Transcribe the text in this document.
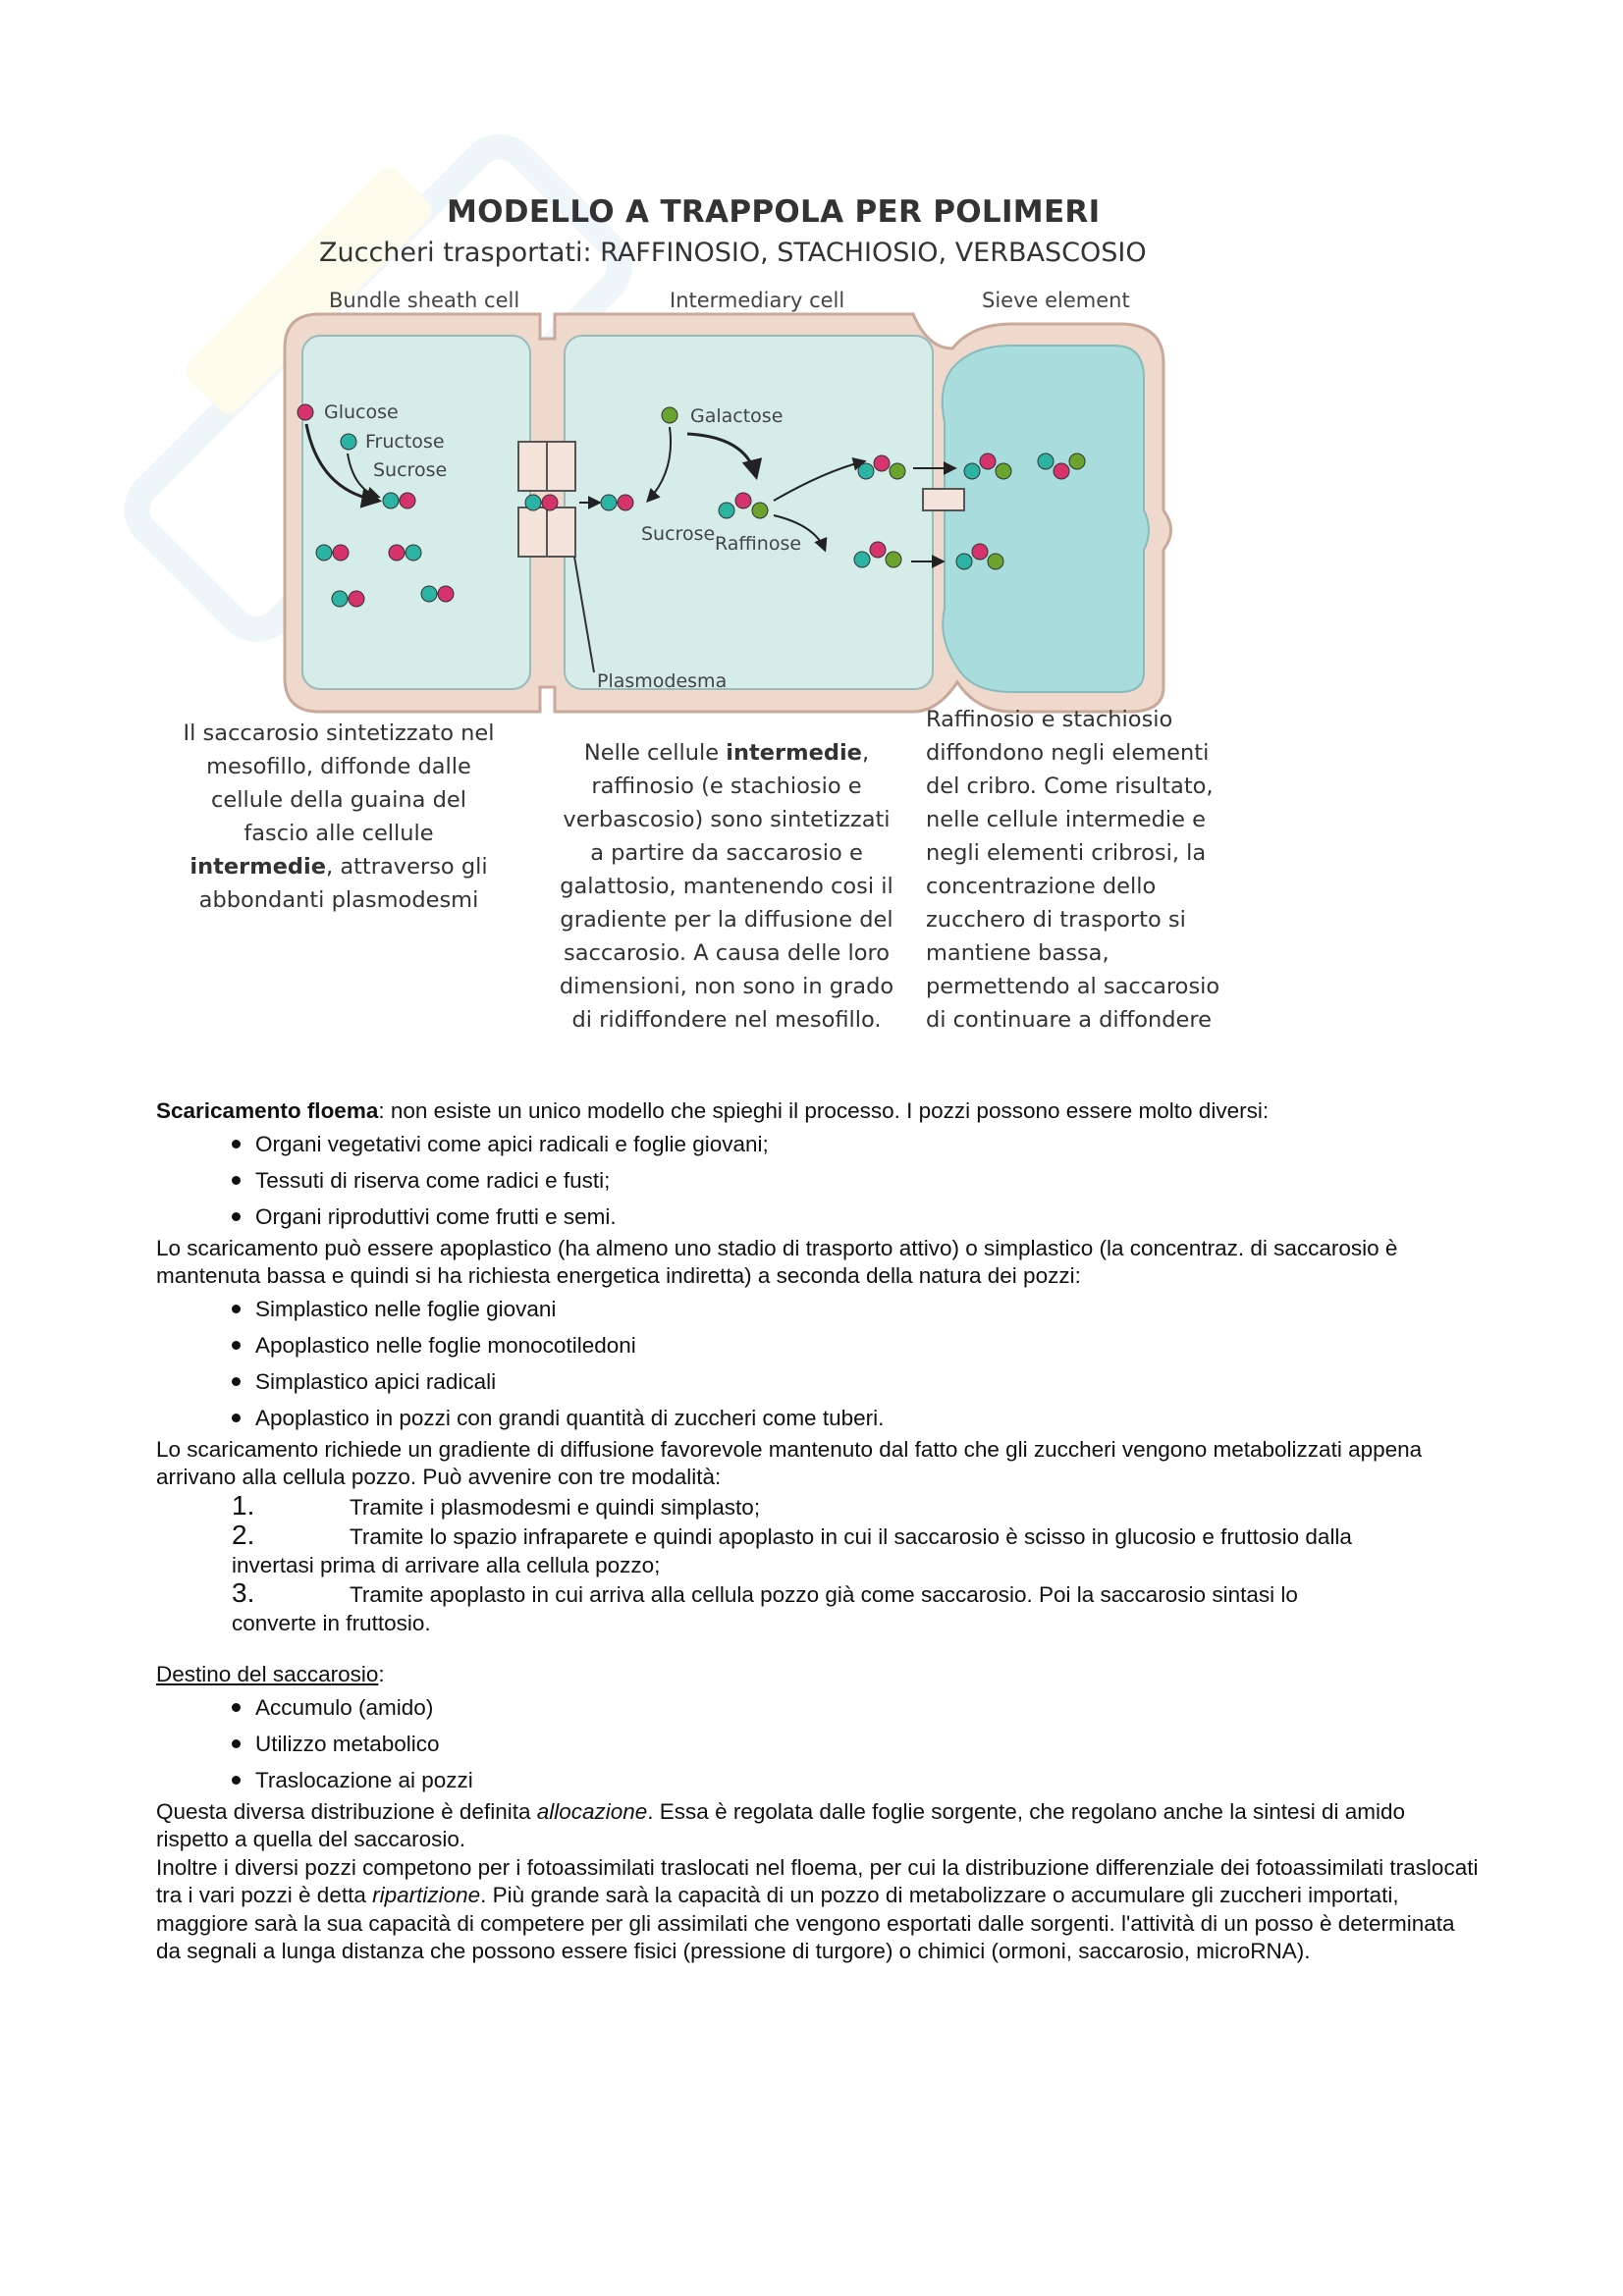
MODELLO A TRAPPOLA PER POLIMERI
Zuccheri trasportati: RAFFINOSIO, STACHIOSIO, VERBASCOSIO
Bundle sheath cell	Intermediary cell	Sieve element
Glucose
Fructose
Sucrose
Galactose
Sucrose Raffinose
Plasmodesma
Il saccarosio sintetizzato nel
mesofillo, diffonde dalle
cellule della guaina del
fascio alle cellule
intermedie, attraverso gli
abbondanti plasmodesmi
Nelle cellule intermedie,
raffinosio (e stachiosio e
verbascosio) sono sintetizzati
a partire da saccarosio e
galattosio, mantenendo cosi il
gradiente per la diffusione del
saccarosio. A causa delle loro
dimensioni, non sono in grado
di ridiffondere nel mesofillo.
Raffinosio e stachiosio
diffondono negli elementi
del cribro. Come risultato,
nelle cellule intermedie e
negli elementi cribrosi, la
concentrazione dello
zucchero di trasporto si
mantiene bassa,
permettendo al saccarosio
di continuare a diffondere

Scaricamento floema: non esiste un unico modello che spieghi il processo. I pozzi possono essere molto diversi:

Organi vegetativi come apici radicali e foglie giovani;
Tessuti di riserva come radici e fusti;
Organi riproduttivi come frutti e semi.

Lo scaricamento può essere apoplastico (ha almeno uno stadio di trasporto attivo) o simplastico (la concentraz. di saccarosio è mantenuta bassa e quindi si ha richiesta energetica indiretta) a seconda della natura dei pozzi:

Simplastico nelle foglie giovani
Apoplastico nelle foglie monocotiledoni
Simplastico apici radicali
Apoplastico in pozzi con grandi quantità di zuccheri come tuberi.

Lo scaricamento richiede un gradiente di diffusione favorevole mantenuto dal fatto che gli zuccheri vengono metabolizzati appena arrivano alla cellula pozzo. Può avvenire con tre modalità:

1.	Tramite i plasmodesmi e quindi simplasto;
2.	Tramite lo spazio infraparete e quindi apoplasto in cui il saccarosio è scisso in glucosio e fruttosio dalla
invertasi prima di arrivare alla cellula pozzo;
3.	Tramite apoplasto in cui arriva alla cellula pozzo già come saccarosio. Poi la saccarosio sintasi lo
converte in fruttosio.

Destino del saccarosio:

Accumulo (amido)
Utilizzo metabolico
Traslocazione ai pozzi

Questa diversa distribuzione è definita allocazione. Essa è regolata dalle foglie sorgente, che regolano anche la sintesi di amido rispetto a quella del saccarosio.

Inoltre i diversi pozzi competono per i fotoassimilati traslocati nel floema, per cui la distribuzione differenziale dei fotoassimilati traslocati tra i vari pozzi è detta ripartizione. Più grande sarà la capacità di un pozzo di metabolizzare o accumulare gli zuccheri importati, maggiore sarà la sua capacità di competere per gli assimilati che vengono esportati dalle sorgenti. l'attività di un posso è determinata da segnali a lunga distanza che possono essere fisici (pressione di turgore) o chimici (ormoni, saccarosio, microRNA).
